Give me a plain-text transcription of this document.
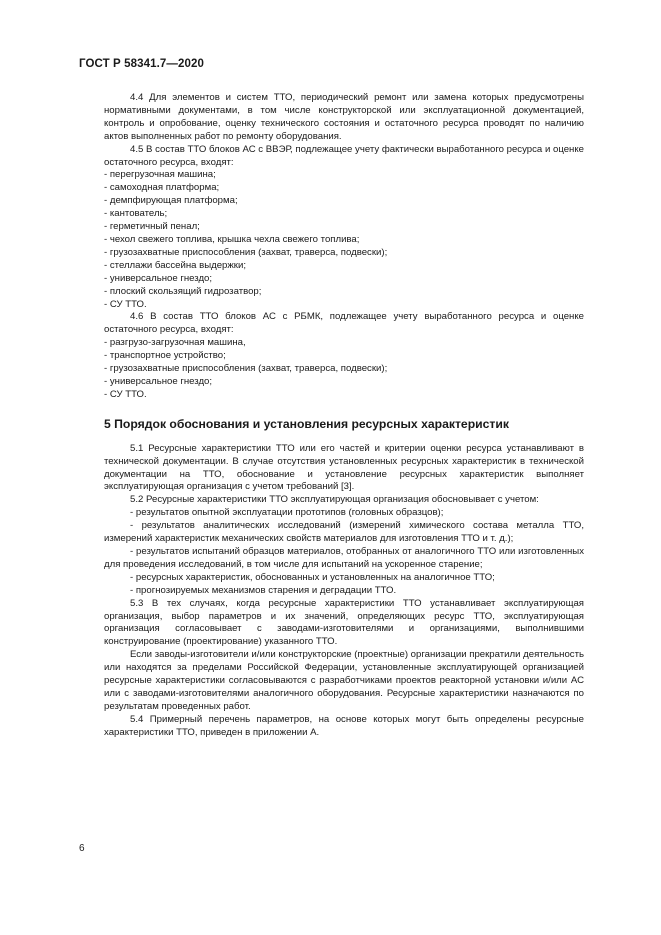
ГОСТ Р 58341.7—2020

4.4 Для элементов и систем ТТО, периодический ремонт или замена которых предусмотрены нормативными документами, в том числе конструкторской или эксплуатационной документацией, контроль и опробование, оценку технического состояния и остаточного ресурса проводят по наличию актов выполненных работ по ремонту оборудования.

4.5 В состав ТТО блоков АС с ВВЭР, подлежащее учету фактически выработанного ресурса и оценке остаточного ресурса, входят:

- перегрузочная машина;

- самоходная платформа;

- демпфирующая платформа;

- кантователь;

- герметичный пенал;

- чехол свежего топлива, крышка чехла свежего топлива;

- грузозахватные приспособления (захват, траверса, подвески);

- стеллажи бассейна выдержки;

- универсальное гнездо;

- плоский скользящий гидрозатвор;

- СУ ТТО.

4.6 В состав ТТО блоков АС с РБМК, подлежащее учету выработанного ресурса и оценке остаточного ресурса, входят:

- разгрузо-загрузочная машина,

- транспортное устройство;

- грузозахватные приспособления (захват, траверса, подвески);

- универсальное гнездо;

- СУ ТТО.

5 Порядок обоснования и установления ресурсных характеристик

5.1 Ресурсные характеристики ТТО или его частей и критерии оценки ресурса устанавливают в технической документации. В случае отсутствия установленных ресурсных характеристик в технической документации на ТТО, обоснование и установление ресурсных характеристик выполняет эксплуатирующая организация с учетом требований [3].

5.2 Ресурсные характеристики ТТО эксплуатирующая организация обосновывает с учетом:

- результатов опытной эксплуатации прототипов (головных образцов);

- результатов аналитических исследований (измерений химического состава металла ТТО, измерений характеристик механических свойств материалов для изготовления ТТО и т. д.);

- результатов испытаний образцов материалов, отобранных от аналогичного ТТО или изготовленных для проведения исследований, в том числе для испытаний на ускоренное старение;

- ресурсных характеристик, обоснованных и установленных на аналогичное ТТО;

- прогнозируемых механизмов старения и деградации ТТО.

5.3 В тех случаях, когда ресурсные характеристики ТТО устанавливает эксплуатирующая организация, выбор параметров и их значений, определяющих ресурс ТТО, эксплуатирующая организация согласовывает с заводами-изготовителями и организациями, выполнившими конструирование (проектирование) указанного ТТО.

Если заводы-изготовители и/или конструкторские (проектные) организации прекратили деятельность или находятся за пределами Российской Федерации, установленные эксплуатирующей организацией ресурсные характеристики согласовываются с разработчиками проектов реакторной установки и/или АС или с заводами-изготовителями аналогичного оборудования. Ресурсные характеристики назначаются по результатам проведенных работ.

5.4 Примерный перечень параметров, на основе которых могут быть определены ресурсные характеристики ТТО, приведен в приложении А.

6
